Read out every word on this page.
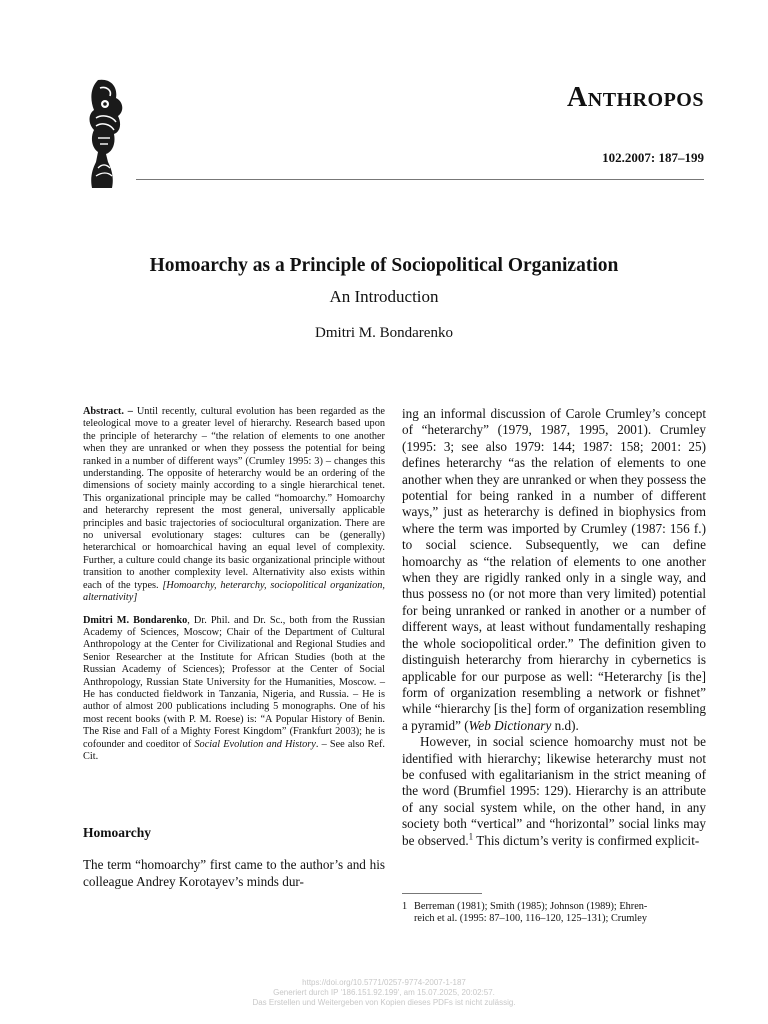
Anthropos
102.2007: 187–199
Homoarchy as a Principle of Sociopolitical Organization
An Introduction
Dmitri M. Bondarenko

Abstract. – Until recently, cultural evolution has been regarded as the teleological move to a greater level of hierarchy. Research based upon the principle of heterarchy – “the relation of elements to one another when they are unranked or when they possess the potential for being ranked in a number of different ways” (Crumley 1995: 3) – changes this understanding. The opposite of heterarchy would be an ordering of the dimensions of society mainly according to a single hierarchical tenet. This organizational principle may be called “homoarchy.” Homoarchy and heterarchy represent the most general, universally applicable principles and basic trajectories of sociocultural organization. There are no universal evolutionary stages: cultures can be (generally) heterarchical or homoarchical having an equal level of complexity. Further, a culture could change its basic organizational principle without transition to another complexity level. Alternativity also exists within each of the types. [Homoarchy, heterarchy, sociopolitical organization, alternativity]

Dmitri M. Bondarenko, Dr. Phil. and Dr. Sc., both from the Russian Academy of Sciences, Moscow; Chair of the Department of Cultural Anthropology at the Center for Civilizational and Regional Studies and Senior Researcher at the Institute for African Studies (both at the Russian Academy of Sciences); Professor at the Center of Social Anthropology, Russian State University for the Humanities, Moscow. – He has conducted fieldwork in Tanzania, Nigeria, and Russia. – He is author of almost 200 publications including 5 monographs. One of his most recent books (with P. M. Roese) is: “A Popular History of Benin. The Rise and Fall of a Mighty Forest Kingdom” (Frankfurt 2003); he is cofounder and coeditor of Social Evolution and History. – See also Ref. Cit.

Homoarchy

The term “homoarchy” first came to the author’s and his colleague Andrey Korotayev’s minds dur-

ing an informal discussion of Carole Crumley’s concept of “heterarchy” (1979, 1987, 1995, 2001). Crumley (1995: 3; see also 1979: 144; 1987: 158; 2001: 25) defines heterarchy “as the relation of elements to one another when they are unranked or when they possess the potential for being ranked in a number of different ways,” just as heterarchy is defined in biophysics from where the term was imported by Crumley (1987: 156 f.) to social science. Subsequently, we can define homoarchy as “the relation of elements to one another when they are rigidly ranked only in a single way, and thus possess no (or not more than very limited) potential for being unranked or ranked in another or a number of different ways, at least without fundamentally reshaping the whole sociopolitical order.” The definition given to distinguish heterarchy from hierarchy in cybernetics is applicable for our purpose as well: “Heterarchy [is the] form of organization resembling a network or fishnet” while “hierarchy [is the] form of organization resembling a pyramid” (Web Dictionary n.d).

However, in social science homoarchy must not be identified with hierarchy; likewise heterarchy must not be confused with egalitarianism in the strict meaning of the word (Brumfiel 1995: 129). Hierarchy is an attribute of any social system while, on the other hand, in any society both “vertical” and “horizontal” social links may be observed.$^1$ This dictum’s verity is confirmed explicit-

1 Berreman (1981); Smith (1985); Johnson (1989); Ehren-
reich et al. (1995: 87–100, 116–120, 125–131); Crumley
https://doi.org/10.5771/0257-9774-2007-1-187
Generiert durch IP '186.151.92.199', am 15.07.2025, 20:02:57.
Das Erstellen und Weitergeben von Kopien dieses PDFs ist nicht zulässig.
